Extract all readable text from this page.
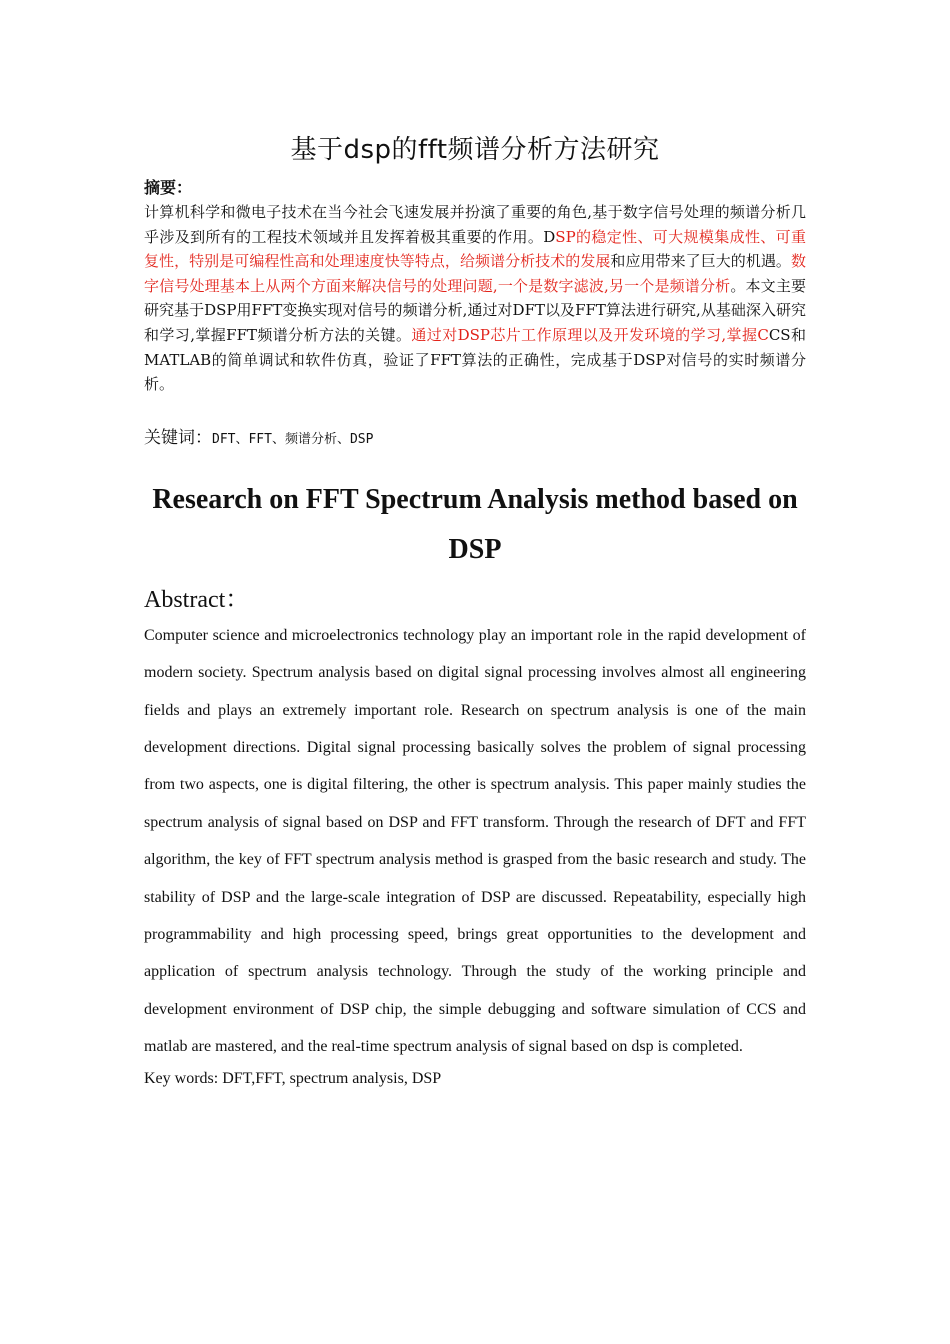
基于dsp的fft频谱分析方法研究
摘要：

计算机科学和微电子技术在当今社会飞速发展并扮演了重要的角色,基于数字信号处理的频谱分析几乎涉及到所有的工程技术领域并且发挥着极其重要的作用。DSP的稳定性、可大规模集成性、可重复性，特别是可编程性高和处理速度快等特点，给频谱分析技术的发展和应用带来了巨大的机遇。数字信号处理基本上从两个方面来解决信号的处理问题,一个是数字滤波,另一个是频谱分析。本文主要研究基于DSP用FFT变换实现对信号的频谱分析,通过对DFT以及FFT算法进行研究,从基础深入研究和学习,掌握FFT频谱分析方法的关键。通过对DSP芯片工作原理以及开发环境的学习,掌握CCS和MATLAB的简单调试和软件仿真，验证了FFT算法的正确性，完成基于DSP对信号的实时频谱分析。

关键词：DFT、FFT、频谱分析、DSP
Research on FFT Spectrum Analysis method based on DSP
Abstract：

Computer science and microelectronics technology play an important role in the rapid development of modern society. Spectrum analysis based on digital signal processing involves almost all engineering fields and plays an extremely important role. Research on spectrum analysis is one of the main development directions. Digital signal processing basically solves the problem of signal processing from two aspects, one is digital filtering, the other is spectrum analysis. This paper mainly studies the spectrum analysis of signal based on DSP and FFT transform. Through the research of DFT and FFT algorithm, the key of FFT spectrum analysis method is grasped from the basic research and study. The stability of DSP and the large-scale integration of DSP are discussed. Repeatability, especially high programmability and high processing speed, brings great opportunities to the development and application of spectrum analysis technology. Through the study of the working principle and development environment of DSP chip, the simple debugging and software simulation of CCS and matlab are mastered, and the real-time spectrum analysis of signal based on dsp is completed.

Key words: DFT,FFT, spectrum analysis, DSP
